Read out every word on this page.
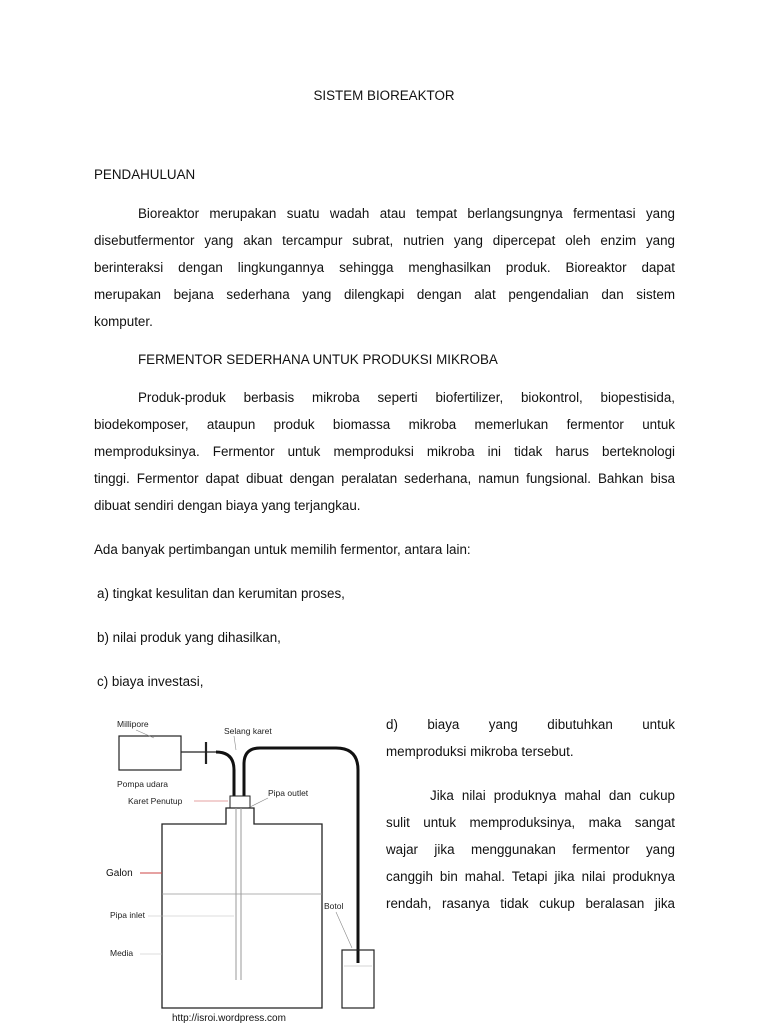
SISTEM BIOREAKTOR
PENDAHULUAN
Bioreaktor merupakan suatu wadah atau tempat berlangsungnya fermentasi yang
disebutfermentor yang akan tercampur subrat, nutrien yang dipercepat oleh enzim yang
berinteraksi dengan lingkungannya sehingga menghasilkan produk. Bioreaktor dapat
merupakan bejana sederhana yang dilengkapi dengan alat pengendalian dan sistem
komputer.
FERMENTOR SEDERHANA UNTUK PRODUKSI MIKROBA
Produk-produk berbasis mikroba seperti biofertilizer, biokontrol, biopestisida,
biodekomposer, ataupun produk biomassa mikroba memerlukan fermentor untuk
memproduksinya. Fermentor untuk memproduksi mikroba ini tidak harus berteknologi
tinggi. Fermentor dapat dibuat dengan peralatan sederhana, namun fungsional. Bahkan bisa
dibuat sendiri dengan biaya yang terjangkau.
Ada banyak pertimbangan untuk memilih fermentor, antara lain:
a) tingkat kesulitan dan kerumitan proses,
b) nilai produk yang dihasilkan,
c) biaya investasi,
d) biaya yang dibutuhkan untuk
memproduksi mikroba tersebut.
Jika nilai produknya mahal dan cukup
sulit untuk memproduksinya, maka sangat
wajar jika menggunakan fermentor yang
canggih bin mahal. Tetapi jika nilai produknya
rendah, rasanya tidak cukup beralasan jika
Millipore
Pompa udara
Selang karet
Karet Penutup
Pipa outlet
Galon
Pipa inlet
Media
Botol
http://isroi.wordpress.com
